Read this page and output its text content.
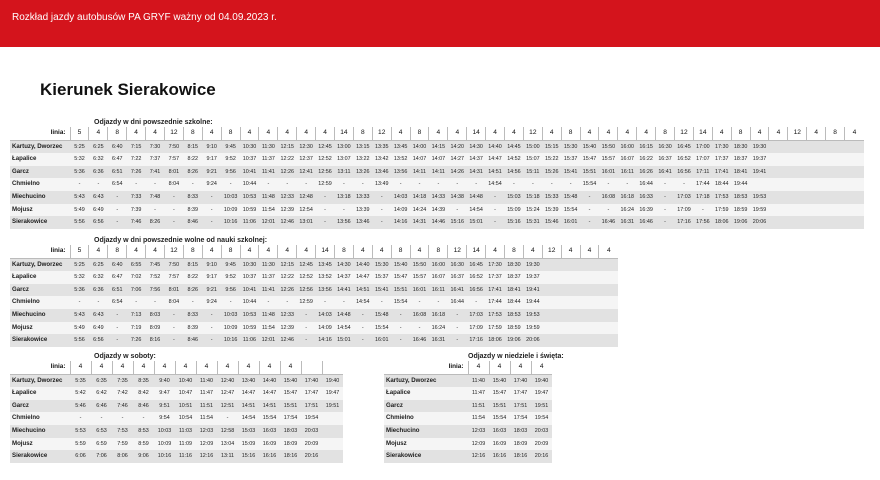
Rozkład jazdy autobusów PA GRYF ważny od 04.09.2023 r.
Kierunek Sierakowice
Odjazdy w dni powszednie szkolne:
linia:	5	4	8	4	4	12	8	4	8	4	4	4	4	4	14	8	12	4	8	4	4	14	4	4	12	4	8	4	4	4	4	8	12	14	4	8	4	4	12	4	8	4
Kartuzy, Dworzec	5:25	6:25	6:40	7:15	7:30	7:50	8:15	9:10	9:45	10:30	11:30	12:15	12:30	12:45	13:00	13:15	13:35	13:45	14:00	14:15	14:20	14:30	14:40	14:45	15:00	15:15	15:30	15:40	15:50	16:00	16:15	16:30	16:45	17:00	17:30	18:30	19:30					
Łapalice	5:32	6:32	6:47	7:22	7:37	7:57	8:22	9:17	9:52	10:37	11:37	12:22	12:37	12:52	13:07	13:22	13:42	13:52	14:07	14:07	14:27	14:37	14:47	14:52	15:07	15:22	15:37	15:47	15:57	16:07	16:22	16:37	16:52	17:07	17:37	18:37	19:37					
Garcz	5:36	6:36	6:51	7:26	7:41	8:01	8:26	9:21	9:56	10:41	11:41	12:26	12:41	12:56	13:11	13:26	13:46	13:56	14:11	14:11	14:26	14:31	14:51	14:56	15:11	15:26	15:41	15:51	16:01	16:11	16:26	16:41	16:56	17:11	17:41	18:41	19:41					
Chmielno	-	-	6:54	-	-	8:04	-	9:24	-	10:44	-	-	-	12:59	-	-	13:49	-	-	-	-	-	14:54	-	-	-	-	15:54	-	-	16:44	-	-	17:44	18:44	19:44						
Miechucino	5:43	6:43	-	7:33	7:48	-	8:33	-	10:03	10:53	11:48	12:33	12:48	-	13:18	13:33	-	14:03	14:18	14:33	14:38	14:48	-	15:03	15:18	15:33	15:48	-	16:08	16:18	16:33	-	17:03	17:18	17:53	18:53	19:53					
Mojusz	5:49	6:49	-	7:39	-	-	8:39	-	10:09	10:59	11:54	12:39	12:54	-	-	13:39	-	14:09	14:24	14:39	-	14:54	-	15:09	15:24	15:39	15:54	-	-	16:24	16:39	-	17:09	-	17:59	18:59	19:59					
Sierakowice	5:56	6:56	-	7:46	8:26	-	8:46	-	10:16	11:06	12:01	12:46	13:01	-	13:56	13:46	-	14:16	14:31	14:46	15:16	15:01	-	15:16	15:31	15:46	16:01	-	16:46	16:31	16:46	-	17:16	17:56	18:06	19:06	20:06					
Odjazdy w dni powszednie wolne od nauki szkolnej:
linia:	5	4	8	4	4	12	8	4	8	4	4	4	4	14	8	4	4	8	4	8	12	14	4	8	4	12	4	4	4
Kartuzy, Dworzec	5:25	6:25	6:40	6:55	7:45	7:50	8:15	9:10	9:45	10:30	11:30	12:15	12:45	13:45	14:30	14:40	15:30	15:40	15:50	16:00	16:30	16:45	17:30	18:30	19:30				
Łapalice	5:32	6:32	6:47	7:02	7:52	7:57	8:22	9:17	9:52	10:37	11:37	12:22	12:52	13:52	14:37	14:47	15:37	15:47	15:57	16:07	16:37	16:52	17:37	18:37	19:37				
Garcz	5:36	6:36	6:51	7:06	7:56	8:01	8:26	9:21	9:56	10:41	11:41	12:26	12:56	13:56	14:41	14:51	15:41	15:51	16:01	16:11	16:41	16:56	17:41	18:41	19:41				
Chmielno	-	-	6:54	-	-	8:04	-	9:24	-	10:44	-	-	12:59	-	-	14:54	-	15:54	-	-	16:44	-	17:44	18:44	19:44				
Miechucino	5:43	6:43	-	7:13	8:03	-	8:33	-	10:03	10:53	11:48	12:33	-	14:03	14:48	-	15:48	-	16:08	16:18	-	17:03	17:53	18:53	19:53				
Mojusz	5:49	6:49	-	7:19	8:09	-	8:39	-	10:09	10:59	11:54	12:39	-	14:09	14:54	-	15:54	-	-	16:24	-	17:09	17:59	18:59	19:59				
Sierakowice	5:56	6:56	-	7:26	8:16	-	8:46	-	10:16	11:06	12:01	12:46	-	14:16	15:01	-	16:01	-	16:46	16:31	-	17:16	18:06	19:06	20:06				
Odjazdy w soboty:
linia:	4	4	4	4	4	4	4	4	4	4	4		
Kartuzy, Dworzec	5:35	6:35	7:35	8:35	9:40	10:40	11:40	12:40	13:40	14:40	15:40	17:40	19:40
Łapalice	5:42	6:42	7:42	8:42	9:47	10:47	11:47	12:47	14:47	14:47	15:47	17:47	19:47
Garcz	5:46	6:46	7:46	8:46	9:51	10:51	11:51	12:51	14:51	14:51	15:51	17:51	19:51
Chmielno	-	-	-	-	9:54	10:54	11:54	-	14:54	15:54	17:54	19:54	
Miechucino	5:53	6:53	7:53	8:53	10:03	11:03	12:03	12:58	15:03	16:03	18:03	20:03	
Mojusz	5:59	6:59	7:59	8:59	10:09	11:09	12:09	13:04	15:09	16:09	18:09	20:09	
Sierakowice	6:06	7:06	8:06	9:06	10:16	11:16	12:16	13:11	15:16	16:16	18:16	20:16	
Odjazdy w niedziele i święta:
linia:	4	4	4	4
Kartuzy, Dworzec	11:40	15:40	17:40	19:40
Łapalice	11:47	15:47	17:47	19:47
Garcz	11:51	15:51	17:51	19:51
Chmielno	11:54	15:54	17:54	19:54
Miechucino	12:03	16:03	18:03	20:03
Mojusz	12:09	16:09	18:09	20:09
Sierakowice	12:16	16:16	18:16	20:16
